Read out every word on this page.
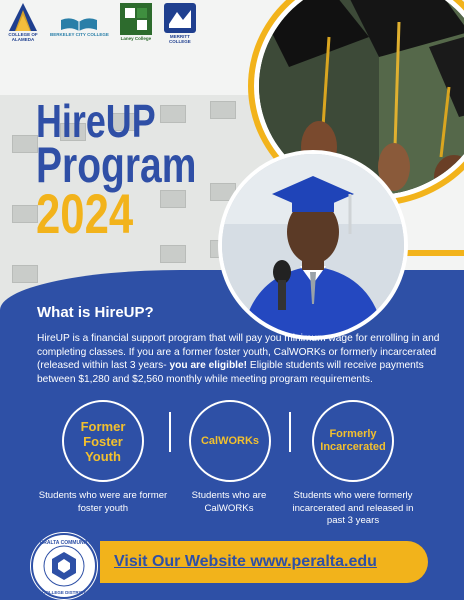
COLLEGE OF
ALAMEDA
BERKELEY CITY COLLEGE
Laney College	MERRITT
COLLEGE
HireUP
Program
2024
What is HireUP?
HireUP is a financial support program that will pay you minimum wage for enrolling in and completing classes. If you are a former foster youth, CalWORKs or formerly incarcerated (released within last 3 years- you are eligible! Eligible students will receive payments between $1,280 and $2,560 monthly while meeting program requirements.
Former Foster Youth
CalWORKs
Formerly Incarcerated
Students who were are former foster youth
Students who are CalWORKs
Students who were formerly incarcerated and released in past 3 years
Visit Our Website www.peralta.edu
PERALTA COMMUNITY
COLLEGE DISTRICT
